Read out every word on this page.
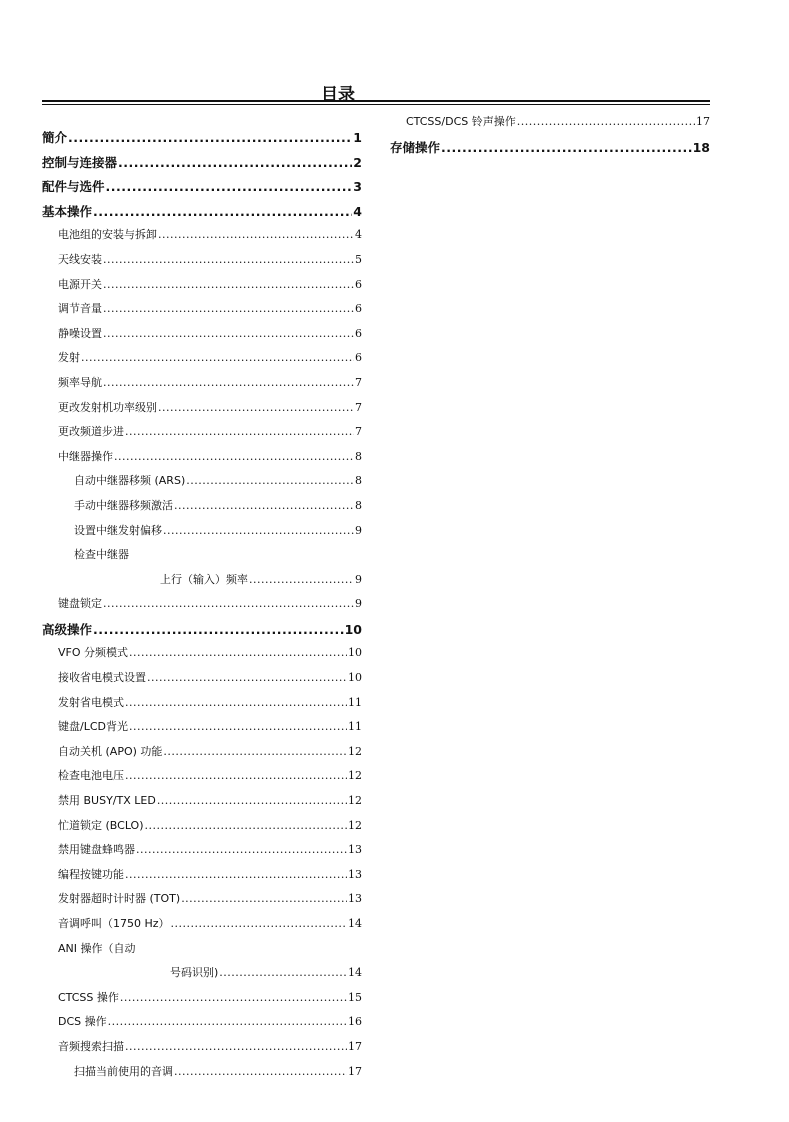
目录
簡介 .....	1
控制与连接器 .....	2
配件与选件 .....	3
基本操作 .....	4
电池组的安装与拆卸 .....	4
天线安装 .....	5
电源开关 .....	6
调节音量 .....	6
静噪设置 .....	6
发射 .....	6
频率导航 .....	7
更改发射机功率级别 .....	7
更改频道步进 .....	7
中继器操作 .....	8
自动中继器移频 (ARS) .....	8
手动中继器移频激活 .....	8
设置中继发射偏移 .....	9
检查中继器
上行（输入）频率 .....	9
键盘锁定 .....	9
高级操作 .....	10
VFO 分频模式 .....	10
接收省电模式设置 .....	10
发射省电模式 .....	11
键盘/LCD背光 .....	11
自动关机 (APO) 功能 .....	12
检查电池电压 .....	12
禁用 BUSY/TX LED .....	12
忙道锁定 (BCLO) .....	12
禁用键盘蜂鸣器 .....	13
编程按键功能 .....	13
发射器超时计时器 (TOT) .....	13
音调呼叫（1750 Hz） .....	14
ANI 操作（自动
号码识别) .....	14
CTCSS 操作 .....	15
DCS 操作 .....	16
音频搜索扫描 .....	17
扫描当前使用的音调 .....	17
CTCSS/DCS 铃声操作 .....	17
存储操作 .....	18
